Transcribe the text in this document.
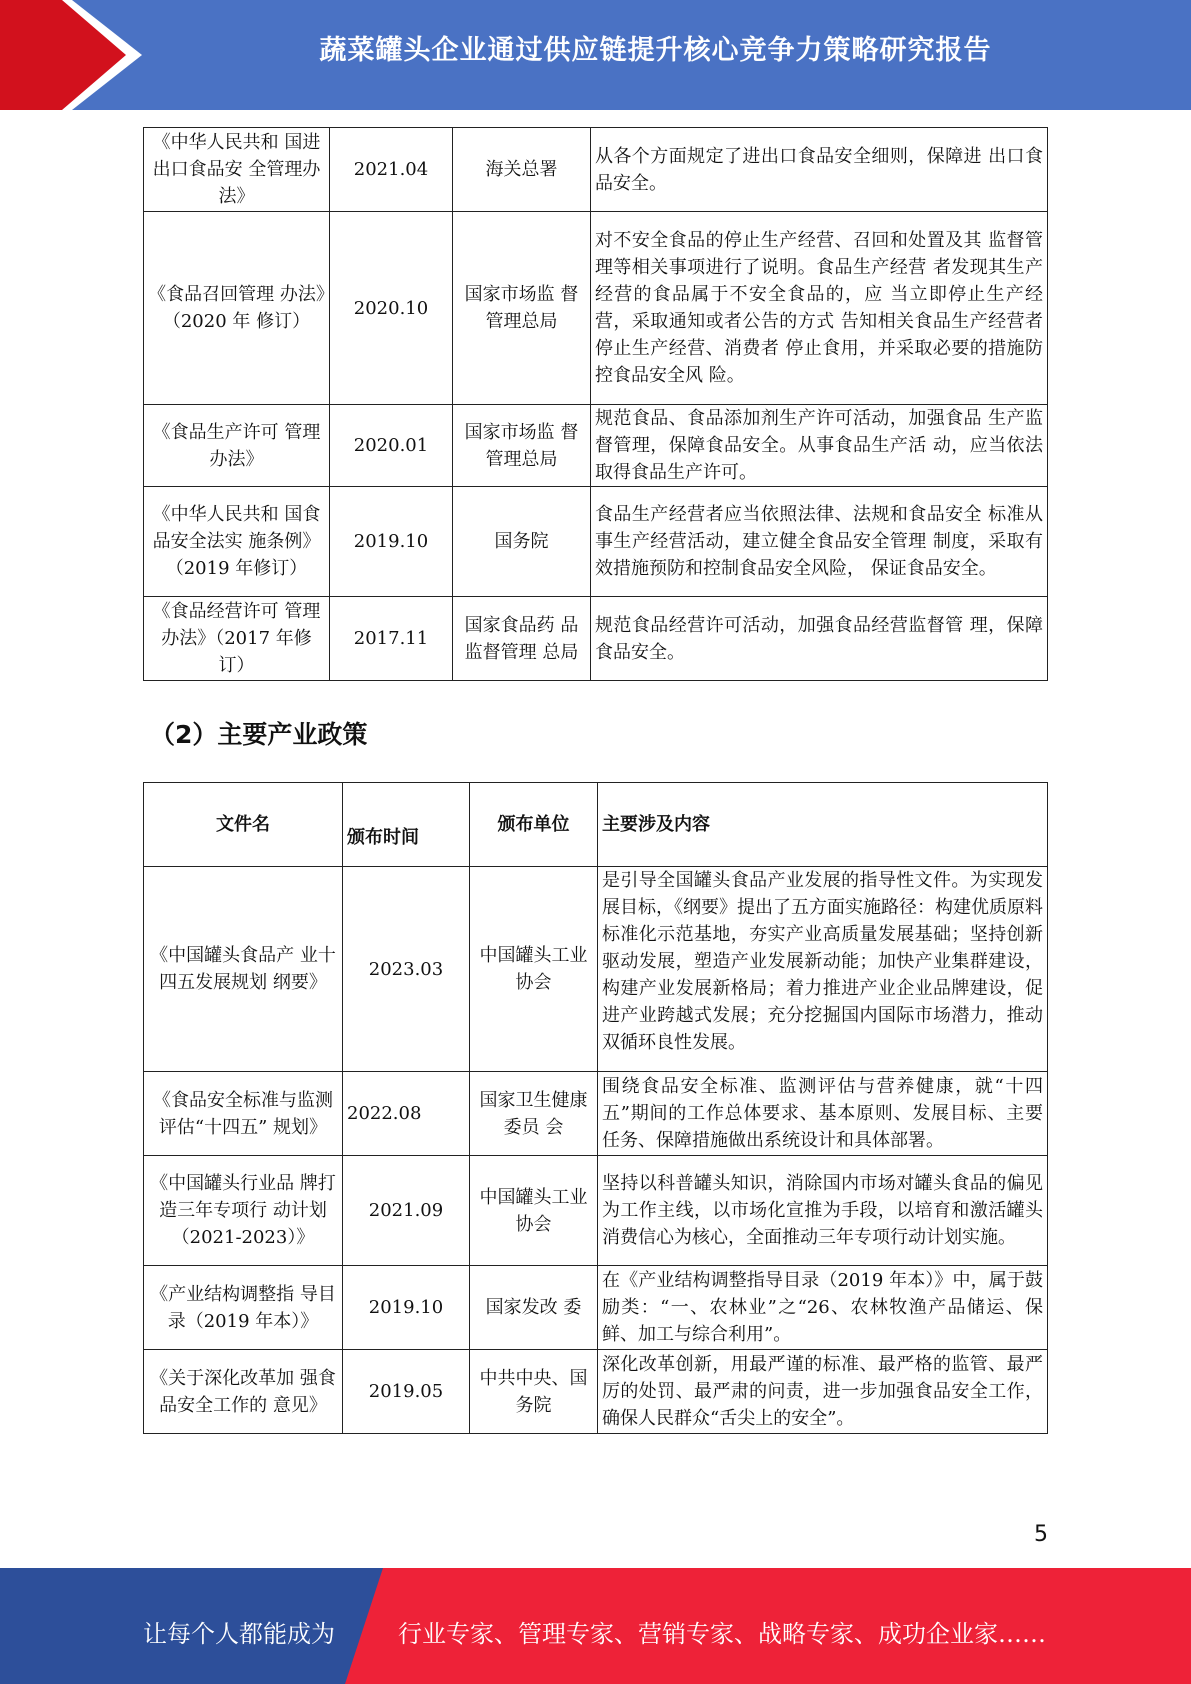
蔬菜罐头企业通过供应链提升核心竞争力策略研究报告
《中华人民共和 国进出口食品安 全管理办法》	2021.04	海关总署	从各个方面规定了进出口食品安全细则，保障进 出口食品安全。
《食品召回管理 办法》（2020 年 修订）	2020.10	国家市场监 督管理总局	对不安全食品的停止生产经营、召回和处置及其 监督管理等相关事项进行了说明。食品生产经营 者发现其生产经营的食品属于不安全食品的，应 当立即停止生产经营，采取通知或者公告的方式 告知相关食品生产经营者停止生产经营、消费者 停止食用，并采取必要的措施防控食品安全风 险。
《食品生产许可 管理办法》	2020.01	国家市场监 督管理总局	规范食品、食品添加剂生产许可活动，加强食品 生产监督管理，保障食品安全。从事食品生产活 动，应当依法取得食品生产许可。
《中华人民共和 国食品安全法实 施条例》（2019 年修订）	2019.10	国务院	食品生产经营者应当依照法律、法规和食品安全 标准从事生产经营活动，建立健全食品安全管理 制度，采取有效措施预防和控制食品安全风险， 保证食品安全。
《食品经营许可 管理办法》（2017 年修订）	2017.11	国家食品药 品监督管理 总局	规范食品经营许可活动，加强食品经营监督管 理，保障食品安全。
（2）主要产业政策
文件名	颁布时间	颁布单位	主要涉及内容
《中国罐头食品产 业十四五发展规划 纲要》	2023.03	中国罐头工业协会	是引导全国罐头食品产业发展的指导性文件。为实现发展目标，《纲要》提出了五方面实施路径：构建优质原料标准化示范基地，夯实产业高质量发展基础；坚持创新驱动发展，塑造产业发展新动能；加快产业集群建设，构建产业发展新格局；着力推进产业企业品牌建设，促进产业跨越式发展；充分挖掘国内国际市场潜力，推动双循环良性发展。

《食品安全标准与监测评估“十四五” 规划》	2022.08	国家卫生健康委员 会	围绕食品安全标准、监测评估与营养健康，就“十四五”期间的工作总体要求、基本原则、发展目标、主要任务、保障措施做出系统设计和具体部署。

《中国罐头行业品 牌打造三年专项行 动计划（2021-2023）》	2021.09	中国罐头工业协会	坚持以科普罐头知识，消除国内市场对罐头食品的偏见为工作主线，以市场化宣推为手段，以培育和激活罐头消费信心为核心，全面推动三年专项行动计划实施。
《产业结构调整指 导目录（2019 年本）》	2019.10	国家发改 委	在《产业结构调整指导目录（2019 年本）》中，属于鼓励类：“一、农林业”之“26、农林牧渔产品储运、保鲜、加工与综合利用”。
《关于深化改革加 强食品安全工作的 意见》	2019.05	中共中央、国务院	深化改革创新，用最严谨的标准、最严格的监管、最严厉的处罚、最严肃的问责，进一步加强食品安全工作，确保人民群众“舌尖上的安全”。
5
让每个人都能成为	行业专家、管理专家、营销专家、战略专家、成功企业家……
